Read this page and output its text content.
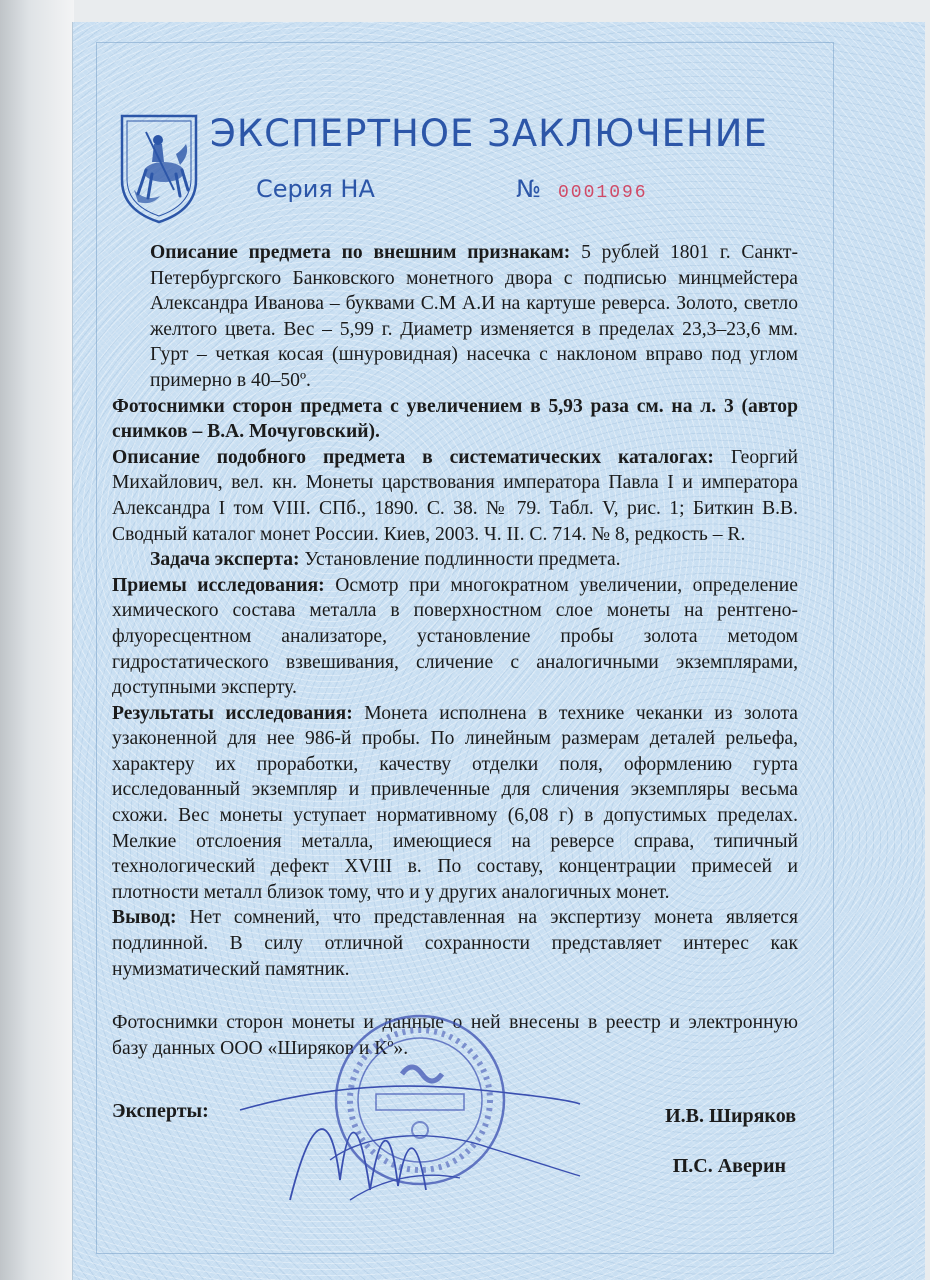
ЭКСПЕРТНОЕ ЗАКЛЮЧЕНИЕ
Серия НА	№ 0001096

Описание предмета по внешним признакам: 5 рублей 1801 г. Санкт-Петербургского Банковского монетного двора с подписью минцмейстера Александра Иванова – буквами С.М А.И на картуше реверса. Золото, светло желтого цвета. Вес – 5,99 г. Диаметр изменяется в пределах 23,3–23,6 мм. Гурт – четкая косая (шнуровидная) насечка с наклоном вправо под углом примерно в 40–50º.

Фотоснимки сторон предмета с увеличением в 5,93 раза см. на л. 3 (автор снимков – В.А. Мочуговский).

Описание подобного предмета в систематических каталогах: Георгий Михайлович, вел. кн. Монеты царствования императора Павла I и императора Александра I том VIII. СПб., 1890. С. 38. № 79. Табл. V, рис. 1; Биткин В.В. Сводный каталог монет России. Киев, 2003. Ч. II. С. 714. № 8, редкость – R.

Задача эксперта: Установление подлинности предмета.

Приемы исследования: Осмотр при многократном увеличении, определение химического состава металла в поверхностном слое монеты на рентгено-флуоресцентном анализаторе, установление пробы золота методом гидростатического взвешивания, сличение с аналогичными экземплярами, доступными эксперту.

Результаты исследования: Монета исполнена в технике чеканки из золота узаконенной для нее 986-й пробы. По линейным размерам деталей рельефа, характеру их проработки, качеству отделки поля, оформлению гурта исследованный экземпляр и привлеченные для сличения экземпляры весьма схожи. Вес монеты уступает нормативному (6,08 г) в допустимых пределах. Мелкие отслоения металла, имеющиеся на реверсе справа, типичный технологический дефект XVIII в. По составу, концентрации примесей и плотности металл близок тому, что и у других аналогичных монет.

Вывод: Нет сомнений, что представленная на экспертизу монета является подлинной. В силу отличной сохранности представляет интерес как нумизматический памятник.

Фотоснимки сторон монеты и данные о ней внесены в реестр и электронную базу данных ООО «Ширяков и Кº».

Эксперты:	И.В. Ширяков
П.С. Аверин
